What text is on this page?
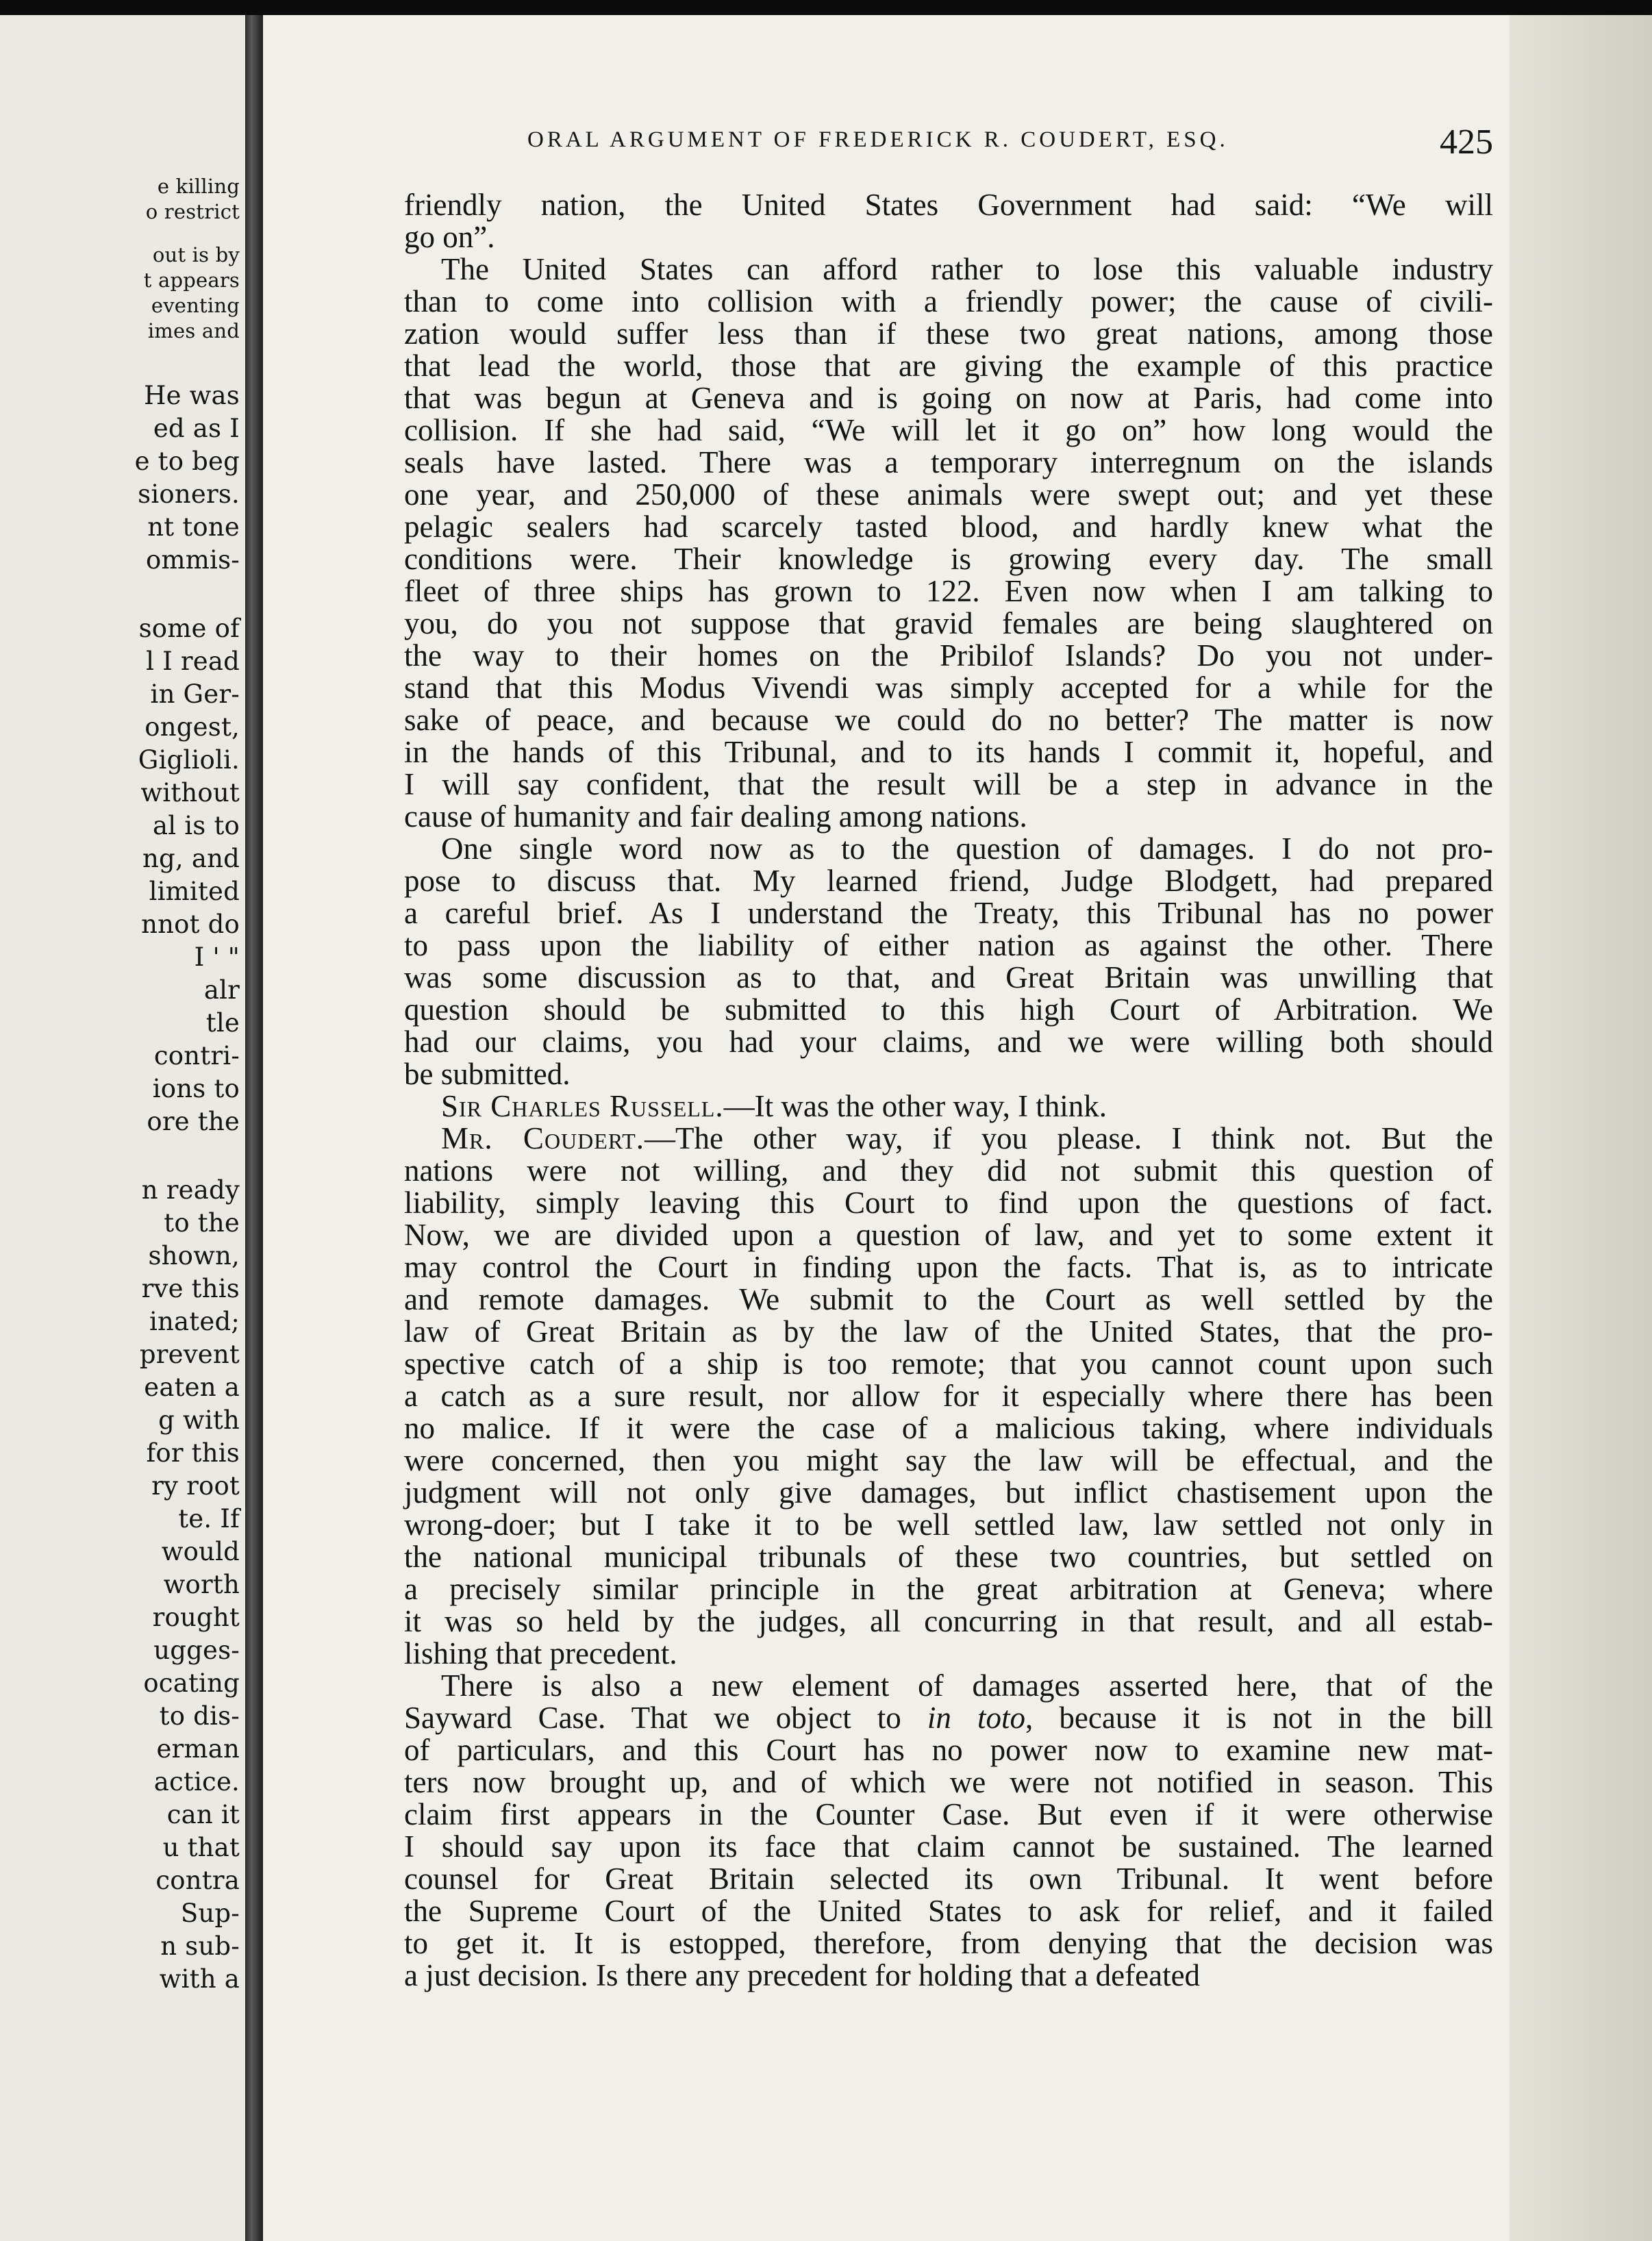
e killing
o restrict
out is by
t appears
eventing
imes and
He was
ed as I
e to beg
sioners.
nt tone
ommis-
some of
l I read
in Ger-
ongest,
Giglioli.
without
al is to
ng, and
limited
nnot do
I ' "
alr
tle
contri-
ions to
ore the
n ready
to the
shown,
rve this
inated;
prevent
eaten a
g with
for this
ry root
te. If
would
worth
rought
ugges-
ocating
to dis-
erman
actice.
can it
u that
contra
Sup-
n sub-
with a
ORAL ARGUMENT OF FREDERICK R. COUDERT, ESQ.	425
friendly nation, the United States Government had said: “We will
go on”.
The United States can afford rather to lose this valuable industry
than to come into collision with a friendly power; the cause of civili-
zation would suffer less than if these two great nations, among those
that lead the world, those that are giving the example of this practice
that was begun at Geneva and is going on now at Paris, had come into
collision. If she had said, “We will let it go on” how long would the
seals have lasted. There was a temporary interregnum on the islands
one year, and 250,000 of these animals were swept out; and yet these
pelagic sealers had scarcely tasted blood, and hardly knew what the
conditions were. Their knowledge is growing every day. The small
fleet of three ships has grown to 122. Even now when I am talking to
you, do you not suppose that gravid females are being slaughtered on
the way to their homes on the Pribilof Islands? Do you not under-
stand that this Modus Vivendi was simply accepted for a while for the
sake of peace, and because we could do no better? The matter is now
in the hands of this Tribunal, and to its hands I commit it, hopeful, and
I will say confident, that the result will be a step in advance in the
cause of humanity and fair dealing among nations.
One single word now as to the question of damages. I do not pro-
pose to discuss that. My learned friend, Judge Blodgett, had prepared
a careful brief. As I understand the Treaty, this Tribunal has no power
to pass upon the liability of either nation as against the other. There
was some discussion as to that, and Great Britain was unwilling that
question should be submitted to this high Court of Arbitration. We
had our claims, you had your claims, and we were willing both should
be submitted.
Sir Charles Russell.—It was the other way, I think.
Mr. Coudert.—The other way, if you please. I think not. But the
nations were not willing, and they did not submit this question of
liability, simply leaving this Court to find upon the questions of fact.
Now, we are divided upon a question of law, and yet to some extent it
may control the Court in finding upon the facts. That is, as to intricate
and remote damages. We submit to the Court as well settled by the
law of Great Britain as by the law of the United States, that the pro-
spective catch of a ship is too remote; that you cannot count upon such
a catch as a sure result, nor allow for it especially where there has been
no malice. If it were the case of a malicious taking, where individuals
were concerned, then you might say the law will be effectual, and the
judgment will not only give damages, but inflict chastisement upon the
wrong-doer; but I take it to be well settled law, law settled not only in
the national municipal tribunals of these two countries, but settled on
a precisely similar principle in the great arbitration at Geneva; where
it was so held by the judges, all concurring in that result, and all estab-
lishing that precedent.
There is also a new element of damages asserted here, that of the
Sayward Case. That we object to in toto, because it is not in the bill
of particulars, and this Court has no power now to examine new mat-
ters now brought up, and of which we were not notified in season. This
claim first appears in the Counter Case. But even if it were otherwise
I should say upon its face that claim cannot be sustained. The learned
counsel for Great Britain selected its own Tribunal. It went before
the Supreme Court of the United States to ask for relief, and it failed
to get it. It is estopped, therefore, from denying that the decision was
a just decision. Is there any precedent for holding that a defeated
